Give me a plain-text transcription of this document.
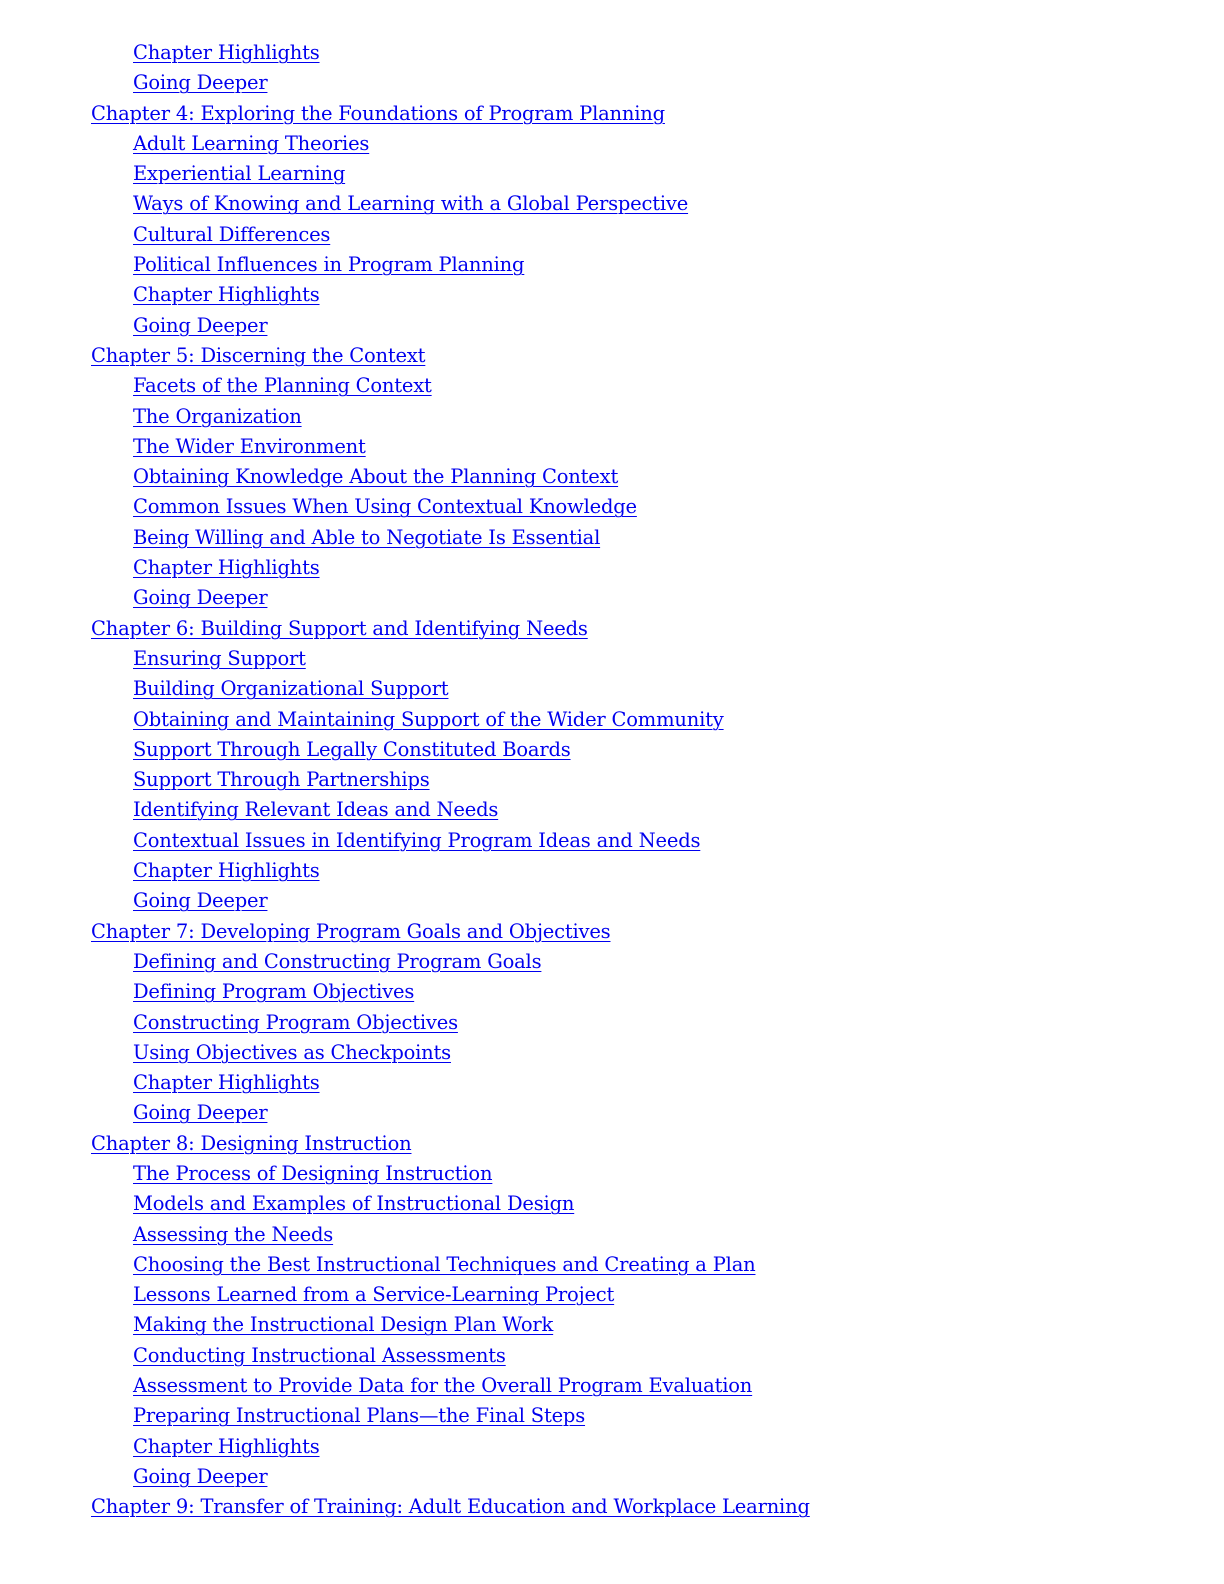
Chapter Highlights
Going Deeper
Chapter 4: Exploring the Foundations of Program Planning
Adult Learning Theories
Experiential Learning
Ways of Knowing and Learning with a Global Perspective
Cultural Differences
Political Influences in Program Planning
Chapter Highlights
Going Deeper
Chapter 5: Discerning the Context
Facets of the Planning Context
The Organization
The Wider Environment
Obtaining Knowledge About the Planning Context
Common Issues When Using Contextual Knowledge
Being Willing and Able to Negotiate Is Essential
Chapter Highlights
Going Deeper
Chapter 6: Building Support and Identifying Needs
Ensuring Support
Building Organizational Support
Obtaining and Maintaining Support of the Wider Community
Support Through Legally Constituted Boards
Support Through Partnerships
Identifying Relevant Ideas and Needs
Contextual Issues in Identifying Program Ideas and Needs
Chapter Highlights
Going Deeper
Chapter 7: Developing Program Goals and Objectives
Defining and Constructing Program Goals
Defining Program Objectives
Constructing Program Objectives
Using Objectives as Checkpoints
Chapter Highlights
Going Deeper
Chapter 8: Designing Instruction
The Process of Designing Instruction
Models and Examples of Instructional Design
Assessing the Needs
Choosing the Best Instructional Techniques and Creating a Plan
Lessons Learned from a Service-Learning Project
Making the Instructional Design Plan Work
Conducting Instructional Assessments
Assessment to Provide Data for the Overall Program Evaluation
Preparing Instructional Plans—the Final Steps
Chapter Highlights
Going Deeper
Chapter 9: Transfer of Training: Adult Education and Workplace Learning
